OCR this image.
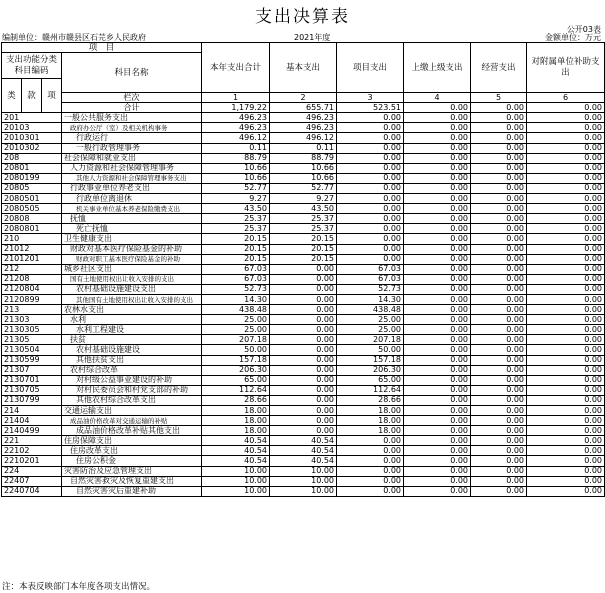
支出决算表
公开03表
编制单位：赣州市赣县区石芫乡人民政府	2021年度	金额单位：万元
项　目				本年支出合计	基本支出	项目支出	上缴上级支出	经营支出	对附属单位补助支出
支出功能分类科目编码			科目名称						
类	款	项							
			栏次	1	2	3	4	5	6
			合计	1,179.22	655.71	523.51	0.00	0.00	0.00
201			一般公共服务支出	496.23	496.23	0.00	0.00	0.00	0.00
20103			政府办公厅（室）及相关机构事务	496.23	496.23	0.00	0.00	0.00	0.00
2010301			行政运行	496.12	496.12	0.00	0.00	0.00	0.00
2010302			一般行政管理事务	0.11	0.11	0.00	0.00	0.00	0.00
208			社会保障和就业支出	88.79	88.79	0.00	0.00	0.00	0.00
20801			人力资源和社会保障管理事务	10.66	10.66	0.00	0.00	0.00	0.00
2080199			其他人力资源和社会保障管理事务支出	10.66	10.66	0.00	0.00	0.00	0.00
20805			行政事业单位养老支出	52.77	52.77	0.00	0.00	0.00	0.00
2080501			行政单位离退休	9.27	9.27	0.00	0.00	0.00	0.00
2080505			机关事业单位基本养老保险缴费支出	43.50	43.50	0.00	0.00	0.00	0.00
20808			抚恤	25.37	25.37	0.00	0.00	0.00	0.00
2080801			死亡抚恤	25.37	25.37	0.00	0.00	0.00	0.00
210			卫生健康支出	20.15	20.15	0.00	0.00	0.00	0.00
21012			财政对基本医疗保险基金的补助	20.15	20.15	0.00	0.00	0.00	0.00
2101201			财政对职工基本医疗保险基金的补助	20.15	20.15	0.00	0.00	0.00	0.00
212			城乡社区支出	67.03	0.00	67.03	0.00	0.00	0.00
21208			国有土地使用权出让收入安排的支出	67.03	0.00	67.03	0.00	0.00	0.00
2120804			农村基础设施建设支出	52.73	0.00	52.73	0.00	0.00	0.00
2120899			其他国有土地使用权出让收入安排的支出	14.30	0.00	14.30	0.00	0.00	0.00
213			农林水支出	438.48	0.00	438.48	0.00	0.00	0.00
21303			水利	25.00	0.00	25.00	0.00	0.00	0.00
2130305			水利工程建设	25.00	0.00	25.00	0.00	0.00	0.00
21305			扶贫	207.18	0.00	207.18	0.00	0.00	0.00
2130504			农村基础设施建设	50.00	0.00	50.00	0.00	0.00	0.00
2130599			其他扶贫支出	157.18	0.00	157.18	0.00	0.00	0.00
21307			农村综合改革	206.30	0.00	206.30	0.00	0.00	0.00
2130701			对村级公益事业建设的补助	65.00	0.00	65.00	0.00	0.00	0.00
2130705			对村民委员会和村党支部的补助	112.64	0.00	112.64	0.00	0.00	0.00
2130799			其他农村综合改革支出	28.66	0.00	28.66	0.00	0.00	0.00
214			交通运输支出	18.00	0.00	18.00	0.00	0.00	0.00
21404			成品油价格改革对交通运输的补贴	18.00	0.00	18.00	0.00	0.00	0.00
2140499			成品油价格改革补贴其他支出	18.00	0.00	18.00	0.00	0.00	0.00
221			住房保障支出	40.54	40.54	0.00	0.00	0.00	0.00
22102			住房改革支出	40.54	40.54	0.00	0.00	0.00	0.00
2210201			住房公积金	40.54	40.54	0.00	0.00	0.00	0.00
224			灾害防治及应急管理支出	10.00	10.00	0.00	0.00	0.00	0.00
22407			自然灾害救灾及恢复重建支出	10.00	10.00	0.00	0.00	0.00	0.00
2240704			自然灾害灾后重建补助	10.00	10.00	0.00	0.00	0.00	0.00
注：本表反映部门本年度各项支出情况。
